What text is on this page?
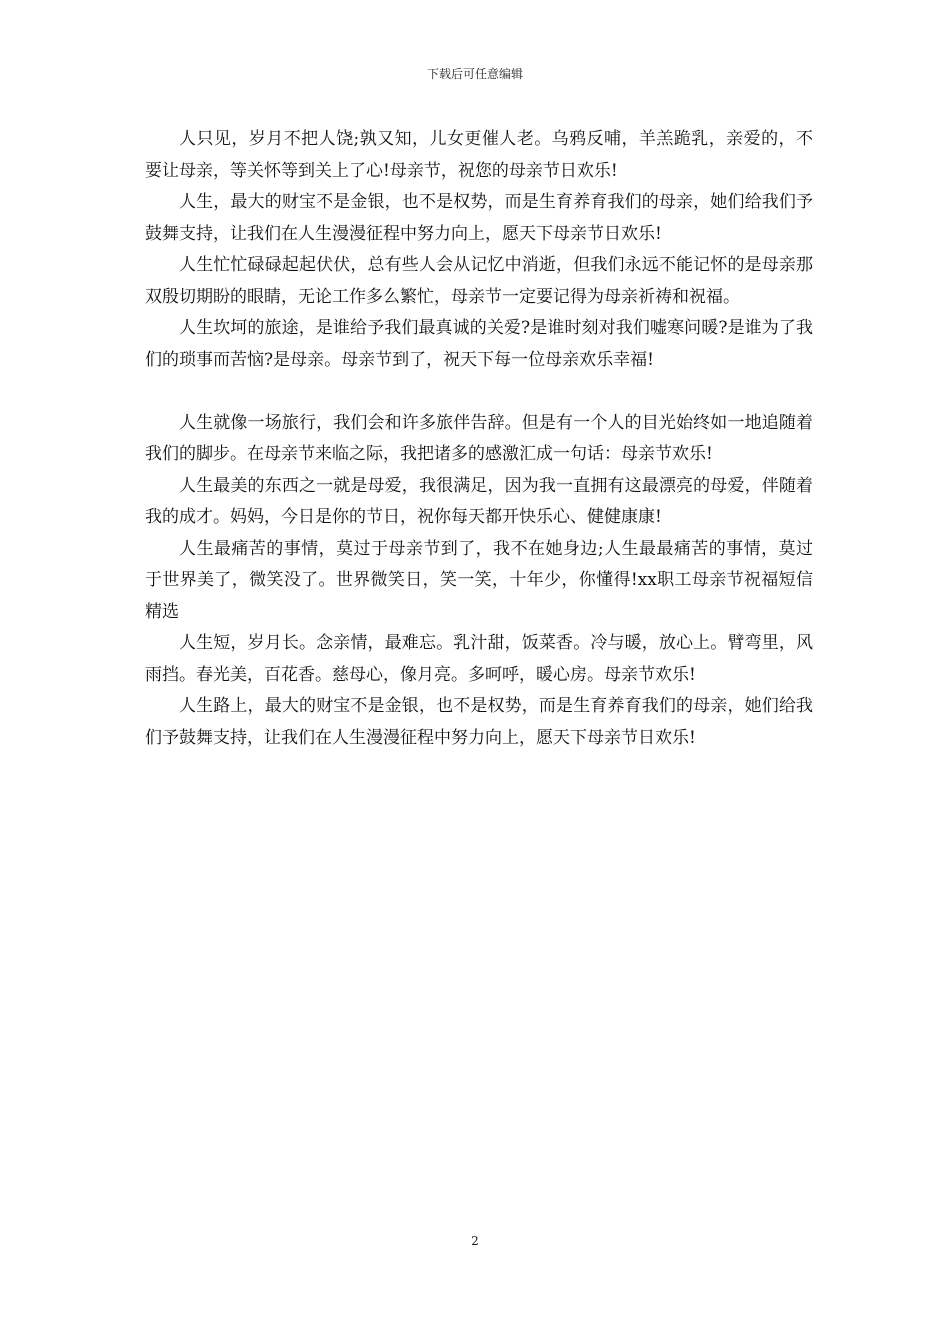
下载后可任意编辑

人只见，岁月不把人饶;孰又知，儿女更催人老。乌鸦反哺，羊羔跪乳，亲爱的，不要让母亲，等关怀等到关上了心!母亲节，祝您的母亲节日欢乐!

人生，最大的财宝不是金银，也不是权势，而是生育养育我们的母亲，她们给我们予鼓舞支持，让我们在人生漫漫征程中努力向上，愿天下母亲节日欢乐!

人生忙忙碌碌起起伏伏，总有些人会从记忆中消逝，但我们永远不能记怀的是母亲那双殷切期盼的眼睛，无论工作多么繁忙，母亲节一定要记得为母亲祈祷和祝福。

人生坎坷的旅途，是谁给予我们最真诚的关爱?是谁时刻对我们嘘寒问暖?是谁为了我们的琐事而苦恼?是母亲。母亲节到了，祝天下每一位母亲欢乐幸福!

人生就像一场旅行，我们会和许多旅伴告辞。但是有一个人的目光始终如一地追随着我们的脚步。在母亲节来临之际，我把诸多的感激汇成一句话：母亲节欢乐!

人生最美的东西之一就是母爱，我很满足，因为我一直拥有这最漂亮的母爱，伴随着我的成才。妈妈，今日是你的节日，祝你每天都开快乐心、健健康康!

人生最痛苦的事情，莫过于母亲节到了，我不在她身边;人生最最痛苦的事情，莫过于世界美了，微笑没了。世界微笑日，笑一笑，十年少，你懂得!xx职工母亲节祝福短信精选

人生短，岁月长。念亲情，最难忘。乳汁甜，饭菜香。冷与暖，放心上。臂弯里，风雨挡。春光美，百花香。慈母心，像月亮。多呵呼，暖心房。母亲节欢乐!

人生路上，最大的财宝不是金银，也不是权势，而是生育养育我们的母亲，她们给我们予鼓舞支持，让我们在人生漫漫征程中努力向上，愿天下母亲节日欢乐!

2
